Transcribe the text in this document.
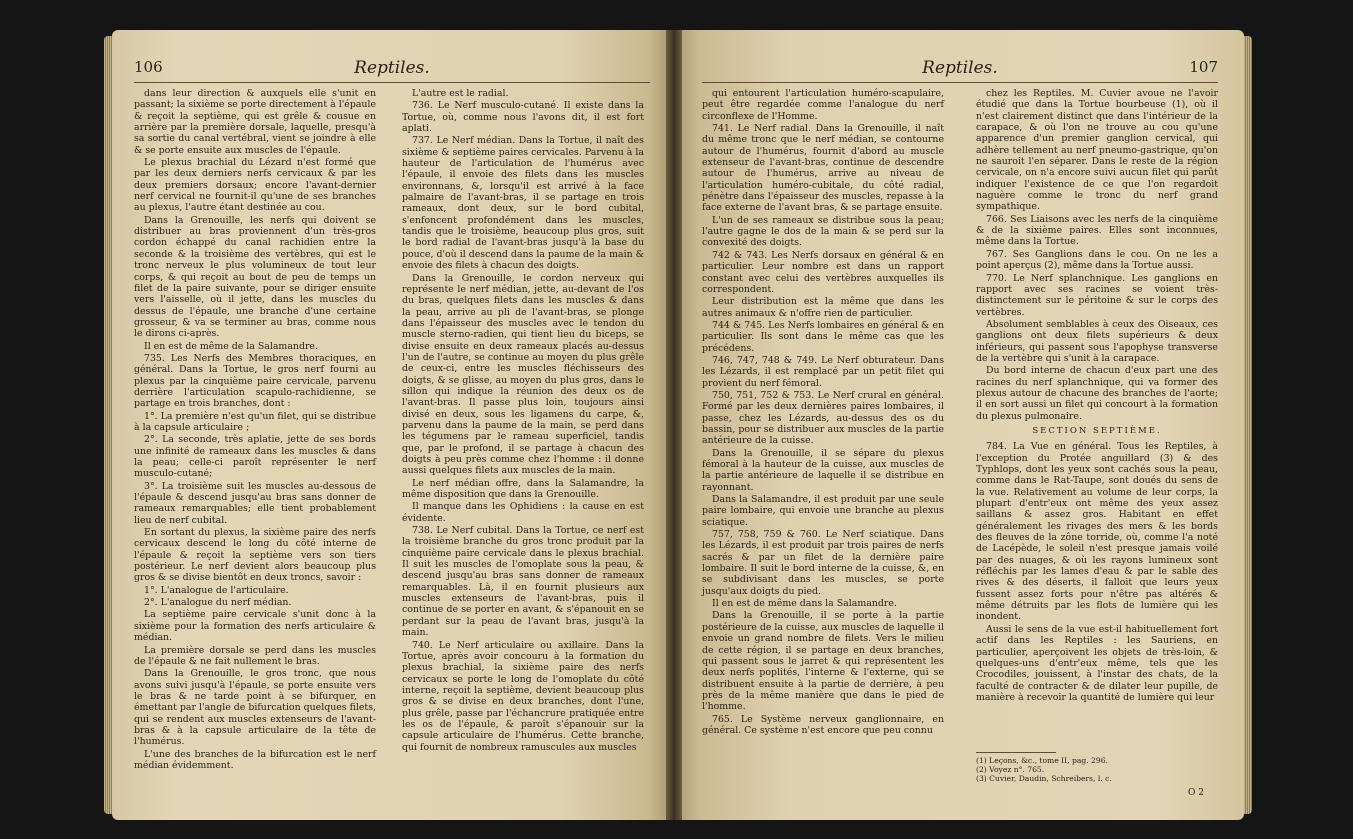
106	Reptiles.

dans leur direction & auxquels elle s'unit en passant; la sixième se porte directement à l'épaule & reçoit la septième, qui est grêle & cousue en arrière par la première dorsale, laquelle, presqu'à sa sortie du canal vertébral, vient se joindre à elle & se porte ensuite aux muscles de l'épaule.

Le plexus brachial du Lézard n'est formé que par les deux derniers nerfs cervicaux & par les deux premiers dorsaux; encore l'avant-dernier nerf cervical ne fournit-il qu'une de ses branches au plexus, l'autre étant destinée au cou.

Dans la Grenouille, les nerfs qui doivent se distribuer au bras proviennent d'un très-gros cordon échappé du canal rachidien entre la seconde & la troisième des vertèbres, qui est le tronc nerveux le plus volumineux de tout leur corps, & qui reçoit au bout de peu de temps un filet de la paire suivante, pour se diriger ensuite vers l'aisselle, où il jette, dans les muscles du dessus de l'épaule, une branche d'une certaine grosseur, & va se terminer au bras, comme nous le dirons ci-après.

Il en est de même de la Salamandre.

735. Les Nerfs des Membres thoraciques, en général. Dans la Tortue, le gros nerf fourni au plexus par la cinquième paire cervicale, parvenu derrière l'articulation scapulo-rachidienne, se partage en trois branches, dont :

1°. La première n'est qu'un filet, qui se distribue à la capsule articulaire ;

2°. La seconde, très aplatie, jette de ses bords une infinité de rameaux dans les muscles & dans la peau; celle-ci paroît représenter le nerf musculo-cutané;

3°. La troisième suit les muscles au-dessous de l'épaule & descend jusqu'au bras sans donner de rameaux remarquables; elle tient probablement lieu de nerf cubital.

En sortant du plexus, la sixième paire des nerfs cervicaux descend le long du côté interne de l'épaule & reçoit la septième vers son tiers postérieur. Le nerf devient alors beaucoup plus gros & se divise bientôt en deux troncs, savoir :

1°. L'analogue de l'articulaire.

2°. L'analogue du nerf médian.

La septième paire cervicale s'unit donc à la sixième pour la formation des nerfs articulaire & médian.

La première dorsale se perd dans les muscles de l'épaule & ne fait nullement le bras.

Dans la Grenouille, le gros tronc, que nous avons suivi jusqu'à l'épaule, se porte ensuite vers le bras & ne tarde point à se bifurquer, en émettant par l'angle de bifurcation quelques filets, qui se rendent aux muscles extenseurs de l'avant-bras & à la capsule articulaire de la tête de l'humérus.

L'une des branches de la bifurcation est le nerf médian évidemment.

L'autre est le radial.

736. Le Nerf musculo-cutané. Il existe dans la Tortue, où, comme nous l'avons dit, il est fort aplati.

737. Le Nerf médian. Dans la Tortue, il naît des sixième & septième paires cervicales. Parvenu à la hauteur de l'articulation de l'humérus avec l'épaule, il envoie des filets dans les muscles environnans, &, lorsqu'il est arrivé à la face palmaire de l'avant-bras, il se partage en trois rameaux, dont deux, sur le bord cubital, s'enfoncent profondément dans les muscles, tandis que le troisième, beaucoup plus gros, suit le bord radial de l'avant-bras jusqu'à la base du pouce, d'où il descend dans la paume de la main & envoie des filets à chacun des doigts.

Dans la Grenouille, le cordon nerveux qui représente le nerf médian, jette, au-devant de l'os du bras, quelques filets dans les muscles & dans la peau, arrive au pli de l'avant-bras, se plonge dans l'épaisseur des muscles avec le tendon du muscle sterno-radien, qui tient lieu du biceps, se divise ensuite en deux rameaux placés au-dessus l'un de l'autre, se continue au moyen du plus grêle de ceux-ci, entre les muscles fléchisseurs des doigts, & se glisse, au moyen du plus gros, dans le sillon qui indique la réunion des deux os de l'avant-bras. Il passe plus loin, toujours ainsi divisé en deux, sous les ligamens du carpe, &, parvenu dans la paume de la main, se perd dans les tégumens par le rameau superficiel, tandis que, par le profond, il se partage à chacun des doigts à peu près comme chez l'homme : il donne aussi quelques filets aux muscles de la main.

Le nerf médian offre, dans la Salamandre, la même disposition que dans la Grenouille.

Il manque dans les Ophidiens : la cause en est évidente.

738. Le Nerf cubital. Dans la Tortue, ce nerf est la troisième branche du gros tronc produit par la cinquième paire cervicale dans le plexus brachial. Il suit les muscles de l'omoplate sous la peau, & descend jusqu'au bras sans donner de rameaux remarquables. Là, il en fournit plusieurs aux muscles extenseurs de l'avant-bras, puis il continue de se porter en avant, & s'épanouit en se perdant sur la peau de l'avant bras, jusqu'à la main.

740. Le Nerf articulaire ou axillaire. Dans la Tortue, après avoir concouru à la formation du plexus brachial, la sixième paire des nerfs cervicaux se porte le long de l'omoplate du côté interne, reçoit la septième, devient beaucoup plus gros & se divise en deux branches, dont l'une, plus grêle, passe par l'échancrure pratiquée entre les os de l'épaule, & paroît s'épanouir sur la capsule articulaire de l'humérus. Cette branche, qui fournit de nombreux ramuscules aux muscles

Reptiles.	107

qui entourent l'articulation huméro-scapulaire, peut être regardée comme l'analogue du nerf circonflexe de l'Homme.

741. Le Nerf radial. Dans la Grenouille, il naît du même tronc que le nerf médian, se contourne autour de l'humérus, fournit d'abord au muscle extenseur de l'avant-bras, continue de descendre autour de l'humérus, arrive au niveau de l'articulation huméro-cubitale, du côté radial, pénètre dans l'épaisseur des muscles, repasse à la face externe de l'avant bras, & se partage ensuite.

L'un de ses rameaux se distribue sous la peau; l'autre gagne le dos de la main & se perd sur la convexité des doigts.

742 & 743. Les Nerfs dorsaux en général & en particulier. Leur nombre est dans un rapport constant avec celui des vertèbres auxquelles ils correspondent.

Leur distribution est la même que dans les autres animaux & n'offre rien de particulier.

744 & 745. Les Nerfs lombaires en général & en particulier. Ils sont dans le même cas que les précédens.

746, 747, 748 & 749. Le Nerf obturateur. Dans les Lézards, il est remplacé par un petit filet qui provient du nerf fémoral.

750, 751, 752 & 753. Le Nerf crural en général. Formé par les deux dernières paires lombaires, il passe, chez les Lézards, au-dessus des os du bassin, pour se distribuer aux muscles de la partie antérieure de la cuisse.

Dans la Grenouille, il se sépare du plexus fémoral à la hauteur de la cuisse, aux muscles de la partie antérieure de laquelle il se distribue en rayonnant.

Dans la Salamandre, il est produit par une seule paire lombaire, qui envoie une branche au plexus sciatique.

757, 758, 759 & 760. Le Nerf sciatique. Dans les Lézards, il est produit par trois paires de nerfs sacrés & par un filet de la dernière paire lombaire. Il suit le bord interne de la cuisse, &, en se subdivisant dans les muscles, se porte jusqu'aux doigts du pied.

Il en est de même dans la Salamandre.

Dans la Grenouille, il se porte à la partie postérieure de la cuisse, aux muscles de laquelle il envoie un grand nombre de filets. Vers le milieu de cette région, il se partage en deux branches, qui passent sous le jarret & qui représentent les deux nerfs poplités, l'interne & l'externe, qui se distribuent ensuite à la partie de derrière, à peu près de la même manière que dans le pied de l'homme.

765. Le Système nerveux ganglionnaire, en général. Ce système n'est encore que peu connu

chez les Reptiles. M. Cuvier avoue ne l'avoir étudié que dans la Tortue bourbeuse (1), où il n'est clairement distinct que dans l'intérieur de la carapace, & où l'on ne trouve au cou qu'une apparence d'un premier ganglion cervical, qui adhère tellement au nerf pneumo-gastrique, qu'on ne sauroit l'en séparer. Dans le reste de la région cervicale, on n'a encore suivi aucun filet qui parût indiquer l'existence de ce que l'on regardoit naguère comme le tronc du nerf grand sympathique.

766. Ses Liaisons avec les nerfs de la cinquième & de la sixième paires. Elles sont inconnues, même dans la Tortue.

767. Ses Ganglions dans le cou. On ne les a point aperçus (2), même dans la Tortue aussi.

770. Le Nerf splanchnique. Les ganglions en rapport avec ses racines se voient très-distinctement sur le péritoine & sur le corps des vertèbres.

Absolument semblables à ceux des Oiseaux, ces ganglions ont deux filets supérieurs & deux inférieurs, qui passent sous l'apophyse transverse de la vertèbre qui s'unit à la carapace.

Du bord interne de chacun d'eux part une des racines du nerf splanchnique, qui va former des plexus autour de chacune des branches de l'aorte; il en sort aussi un filet qui concourt à la formation du plexus pulmonaire.

SECTION SEPTIÈME.

784. La Vue en général. Tous les Reptiles, à l'exception du Protée anguillard (3) & des Typhlops, dont les yeux sont cachés sous la peau, comme dans le Rat-Taupe, sont doués du sens de la vue. Relativement au volume de leur corps, la plupart d'entr'eux ont même des yeux assez saillans & assez gros. Habitant en effet généralement les rivages des mers & les bords des fleuves de la zône torride, où, comme l'a noté de Lacépède, le soleil n'est presque jamais voilé par des nuages, & où les rayons lumineux sont réfléchis par les lames d'eau & par le sable des rives & des déserts, il falloit que leurs yeux fussent assez forts pour n'être pas altérés & même détruits par les flots de lumière qui les inondent.

Aussi le sens de la vue est-il habituellement fort actif dans les Reptiles : les Sauriens, en particulier, aperçoivent les objets de très-loin, & quelques-uns d'entr'eux même, tels que les Crocodiles, jouissent, à l'instar des chats, de la faculté de contracter & de dilater leur pupille, de manière à recevoir la quantité de lumière qui leur

(1) Leçons, &c., tome II, pag. 296.
(2) Voyez n°. 765.
(3) Cuvier, Daudin, Schreibers, l. c.
O 2
